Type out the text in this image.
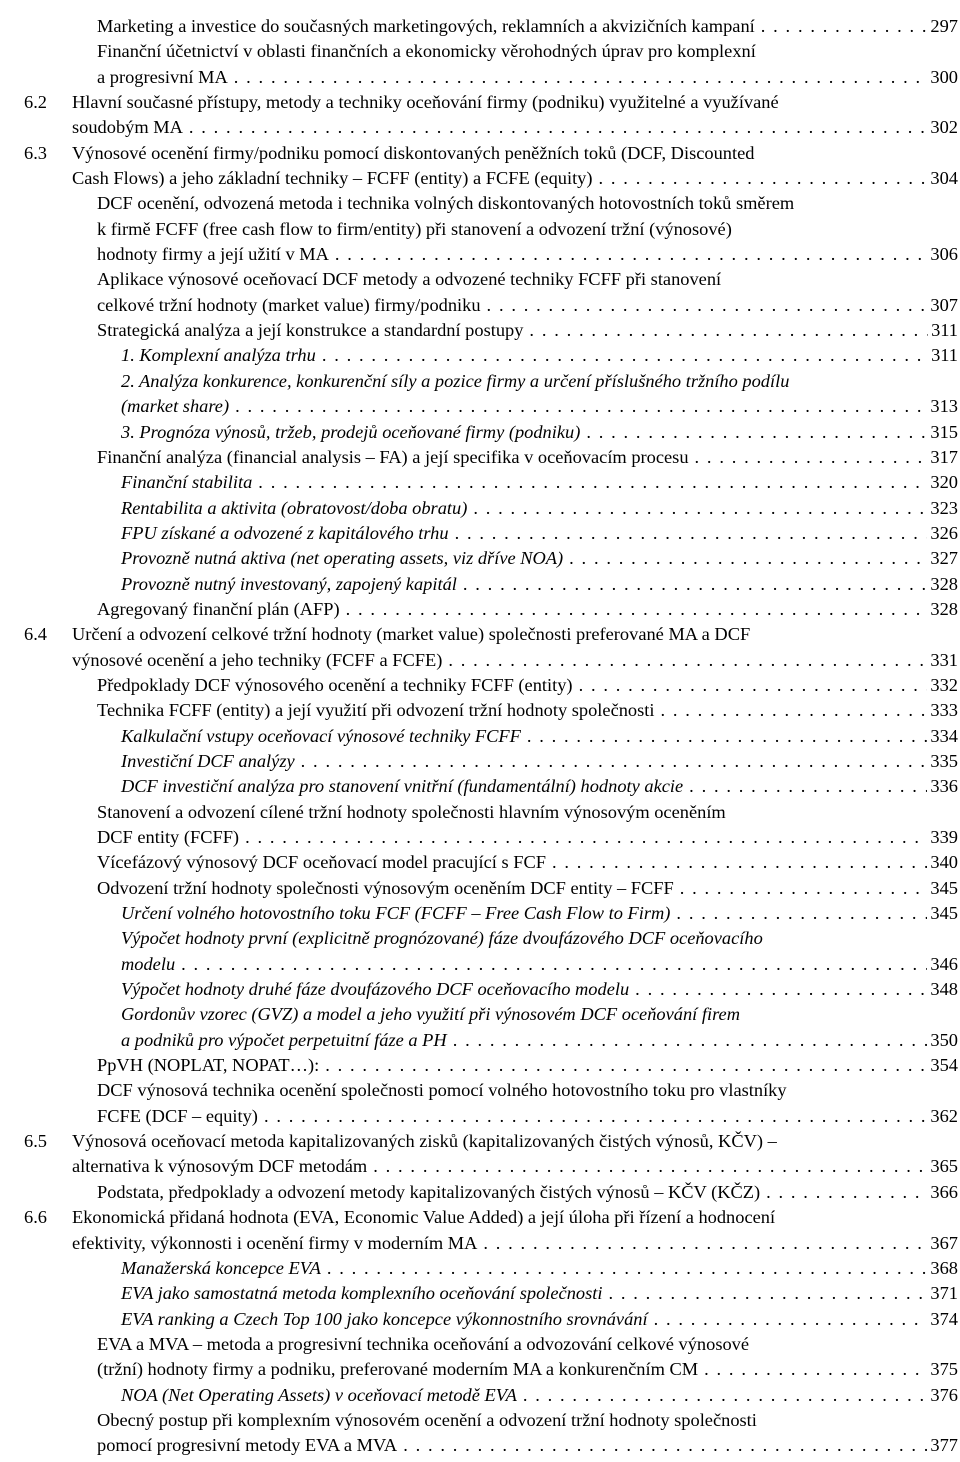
Marketing a investice do současných marketingových, reklamních a akvizičních kampaní . . .	297
Finanční účetnictví v oblasti finančních a ekonomicky věrohodných úprav pro komplexní
a progresivní MA . . .	300
6.2 Hlavní současné přístupy, metody a techniky oceňování firmy (podniku) využitelné a využívané
soudobým MA . . .	302
6.3 Výnosové ocenění firmy/podniku pomocí diskontovaných peněžních toků (DCF, Discounted
Cash Flows) a jeho základní techniky – FCFF (entity) a FCFE (equity) . . .	304
DCF ocenění, odvozená metoda i technika volných diskontovaných hotovostních toků směrem
k firmě FCFF (free cash flow to firm/entity) při stanovení a odvození tržní (výnosové)
hodnoty firmy a její užití v MA . . .	306
Aplikace výnosové oceňovací DCF metody a odvozené techniky FCFF při stanovení
celkové tržní hodnoty (market value) firmy/podniku . . .	307
Strategická analýza a její konstrukce a standardní postupy . . .	311
1. Komplexní analýza trhu . . .	311
2. Analýza konkurence, konkurenční síly a pozice firmy a určení příslušného tržního podílu
(market share) . . .	313
3. Prognóza výnosů, tržeb, prodejů oceňované firmy (podniku) . . .	315
Finanční analýza (financial analysis – FA) a její specifika v oceňovacím procesu . . .	317
Finanční stabilita . . .	320
Rentabilita a aktivita (obratovost/doba obratu) . . .	323
FPU získané a odvozené z kapitálového trhu . . .	326
Provozně nutná aktiva (net operating assets, viz dříve NOA) . . .	327
Provozně nutný investovaný, zapojený kapitál . . .	328
Agregovaný finanční plán (AFP) . . .	328
6.4 Určení a odvození celkové tržní hodnoty (market value) společnosti preferované MA a DCF
výnosové ocenění a jeho techniky (FCFF a FCFE) . . .	331
Předpoklady DCF výnosového ocenění a techniky FCFF (entity) . . .	332
Technika FCFF (entity) a její využití při odvození tržní hodnoty společnosti . . .	333
Kalkulační vstupy oceňovací výnosové techniky FCFF . . .	334
Investiční DCF analýzy . . .	335
DCF investiční analýza pro stanovení vnitřní (fundamentální) hodnoty akcie . . .	336
Stanovení a odvození cílené tržní hodnoty společnosti hlavním výnosovým oceněním
DCF entity (FCFF) . . .	339
Vícefázový výnosový DCF oceňovací model pracující s FCF . . .	340
Odvození tržní hodnoty společnosti výnosovým oceněním DCF entity – FCFF . . .	345
Určení volného hotovostního toku FCF (FCFF – Free Cash Flow to Firm) . . .	345
Výpočet hodnoty první (explicitně prognózované) fáze dvoufázového DCF oceňovacího
modelu . . .	346
Výpočet hodnoty druhé fáze dvoufázového DCF oceňovacího modelu . . .	348
Gordonův vzorec (GVZ) a model a jeho využití při výnosovém DCF oceňování firem
a podniků pro výpočet perpetuitní fáze a PH . . .	350
PpVH (NOPLAT, NOPAT…): . . .	354
DCF výnosová technika ocenění společnosti pomocí volného hotovostního toku pro vlastníky
FCFE (DCF – equity) . . .	362
6.5 Výnosová oceňovací metoda kapitalizovaných zisků (kapitalizovaných čistých výnosů, KČV) –
alternativa k výnosovým DCF metodám . . .	365
Podstata, předpoklady a odvození metody kapitalizovaných čistých výnosů – KČV (KČZ) . . .	366
6.6 Ekonomická přidaná hodnota (EVA, Economic Value Added) a její úloha při řízení a hodnocení
efektivity, výkonnosti i ocenění firmy v moderním MA . . .	367
Manažerská koncepce EVA . . .	368
EVA jako samostatná metoda komplexního oceňování společnosti . . .	371
EVA ranking a Czech Top 100 jako koncepce výkonnostního srovnávání . . .	374
EVA a MVA – metoda a progresivní technika oceňování a odvozování celkové výnosové
(tržní) hodnoty firmy a podniku, preferované moderním MA a konkurenčním CM . . .	375
NOA (Net Operating Assets) v oceňovací metodě EVA . . .	376
Obecný postup při komplexním výnosovém ocenění a odvození tržní hodnoty společnosti
pomocí progresivní metody EVA a MVA . . .	377
